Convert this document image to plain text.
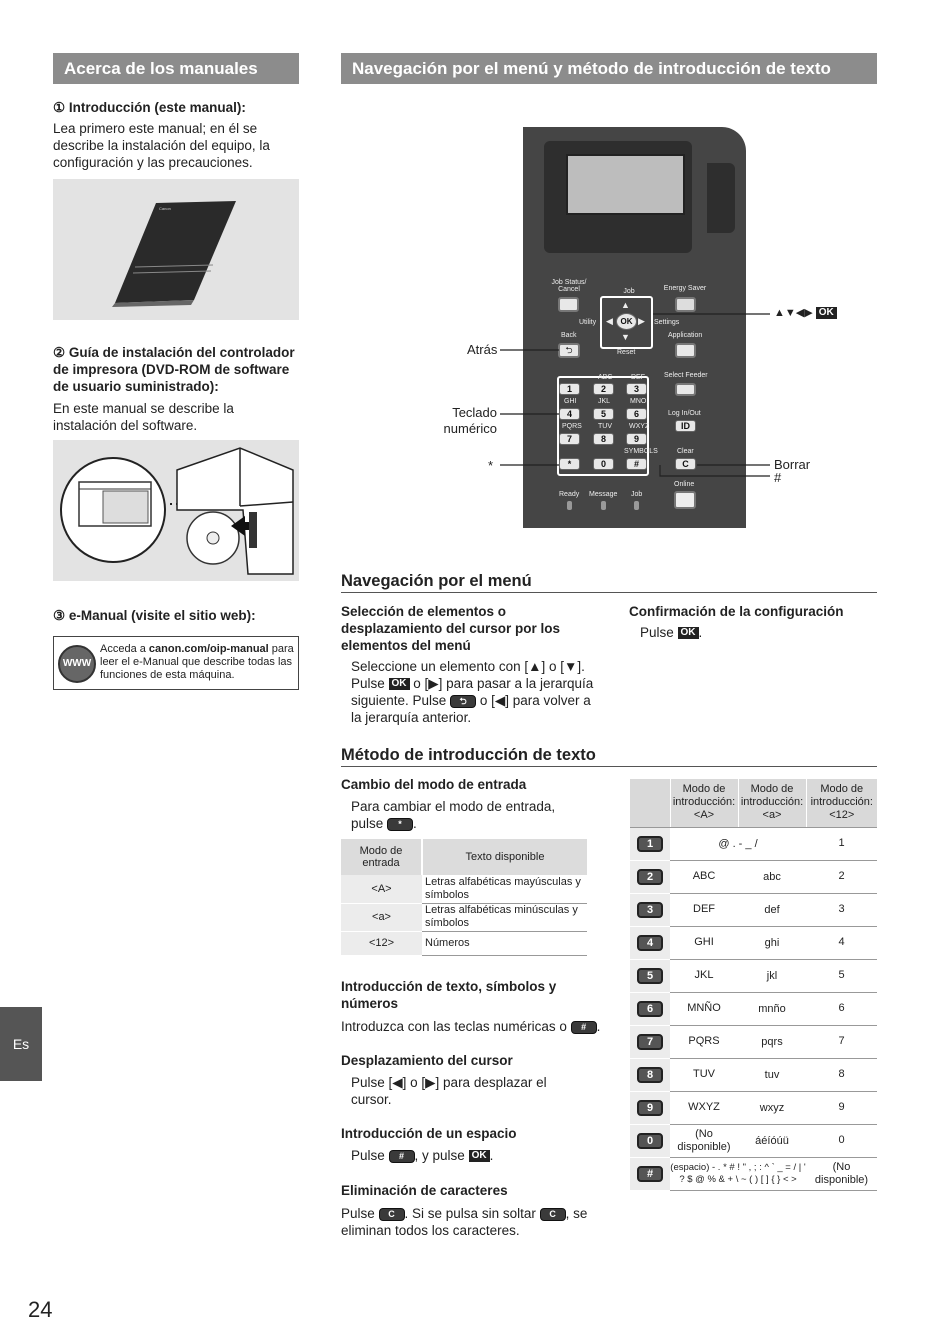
Acerca de los manuales
① Introducción (este manual):
Lea primero este manual; en él se describe la instalación del equipo, la configuración y las precauciones.
Canon
② Guía de instalación del controlador de impresora (DVD-ROM de software de usuario suministrado):
En este manual se describe la instalación del software.
③ e-Manual (visite el sitio web):
WWW
Acceda a canon.com/oip-manual para leer el e-Manual que describe todas las funciones de esta máquina.
Es
24
Navegación por el menú y método de introducción de texto
Job Status/ Cancel	Job	Energy Saver
▲
▼
◀	▶
OK
Utility	Settings
Reset
Back
⮌
Application
1	2	3
4	5	6
7	8	9
*	0	#
ABC	DEF
GHI	JKL	MNO
PQRS TUV WXYZ
SYMBOLS
Select Feeder
Log In/Out
ID
Clear
C
Online
Ready Message Job
Atrás
Teclado numérico
*
▲▼◀▶ OK
Borrar
#
Navegación por el menú
Selección de elementos o desplazamiento del cursor por los elementos del menú
Seleccione un elemento con [▲] o [▼]. Pulse OK o [▶] para pasar a la jerarquía siguiente. Pulse ⮌ o [◀] para volver a la jerarquía anterior.
Confirmación de la configuración
Pulse OK .
Método de introducción de texto
Cambio del modo de entrada
Para cambiar el modo de entrada, pulse * .
Modo de entrada	Texto disponible
<A>	Letras alfabéticas mayúsculas y símbolos
<a>	Letras alfabéticas minúsculas y símbolos
<12>	Números
Introducción de texto, símbolos y números
Introduzca con las teclas numéricas o # .
Desplazamiento del cursor
Pulse [◀] o [▶] para desplazar el cursor.
Introducción de un espacio
Pulse # , y pulse OK .
Eliminación de caracteres
Pulse C . Si se pulsa sin soltar C , se eliminan todos los caracteres.
	Modo de introducción: <A>	Modo de introducción: <a>	Modo de introducción: <12>
1	@ . - _ /		1
2	ABC	abc	2
3	DEF	def	3
4	GHI	ghi	4
5	JKL	jkl	5
6	MNÑO	mnño	6
7	PQRS	pqrs	7
8	TUV	tuv	8
9	WXYZ	wxyz	9
0	(No disponible)	áéíóúü	0
#	(espacio) - . * # ! " , ; : ^ ` _ = / | ' ? $ @ % & + \ ~ ( ) [ ] { } < >		(No disponible)
